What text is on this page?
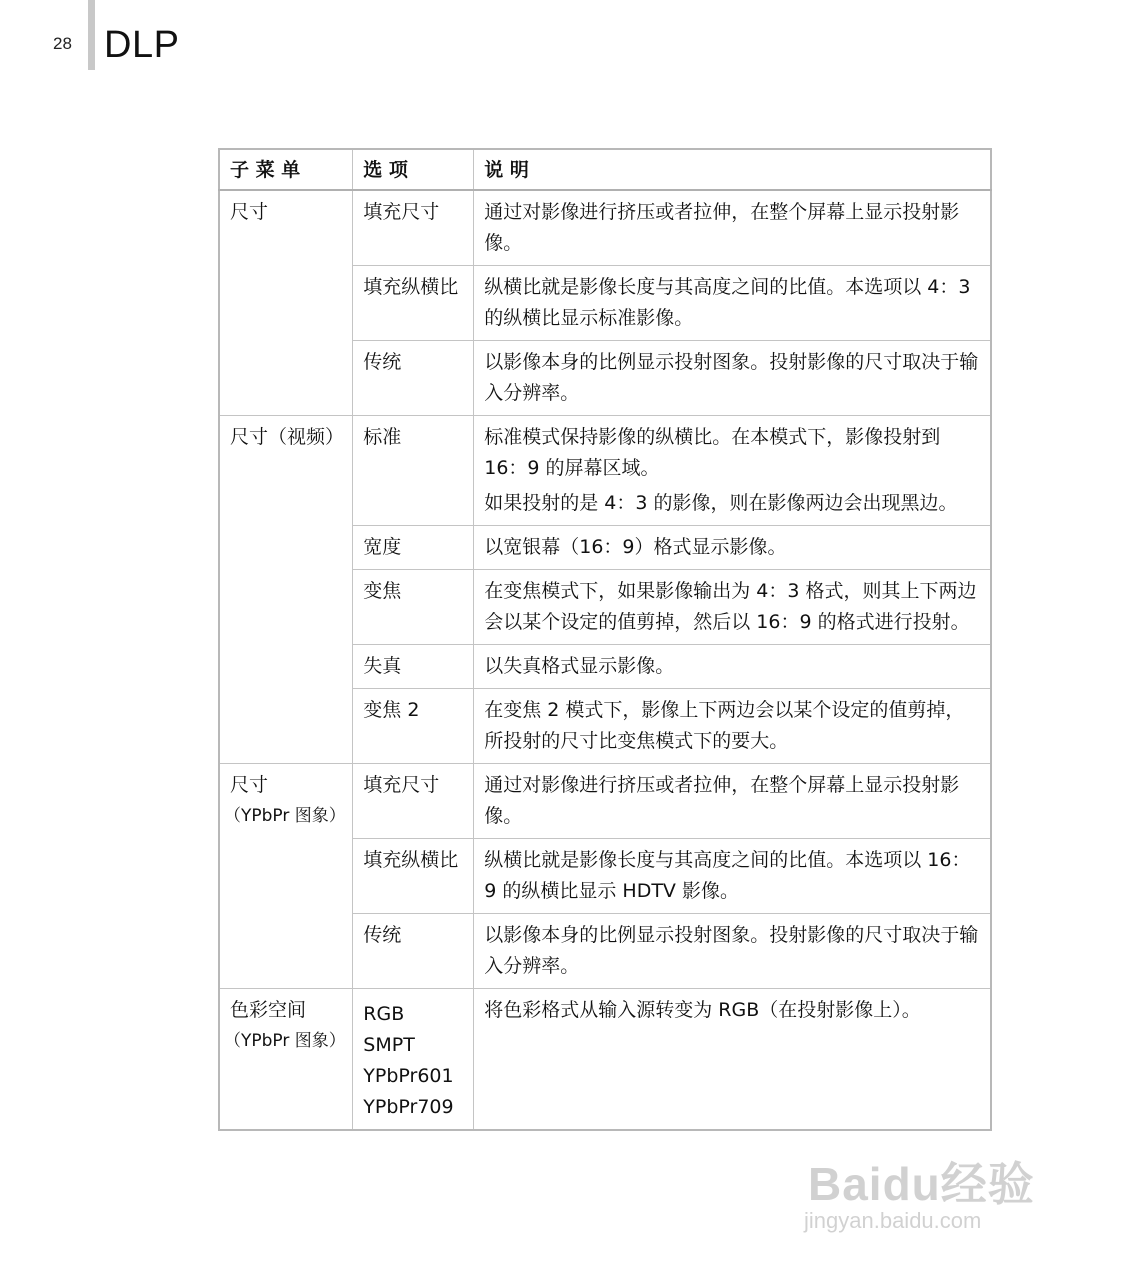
28 DLP
子 菜 单	选 项	说 明
尺寸	填充尺寸	通过对影像进行挤压或者拉伸，在整个屏幕上显示投射影像。
	填充纵横比	纵横比就是影像长度与其高度之间的比值。本选项以 4：3 的纵横比显示标准影像。
	传统	以影像本身的比例显示投射图象。投射影像的尺寸取决于输入分辨率。
尺寸（视频）	标准	标准模式保持影像的纵横比。在本模式下，影像投射到 16：9 的屏幕区域。
如果投射的是 4：3 的影像，则在影像两边会出现黑边。

	宽度	以宽银幕（16：9）格式显示影像。
	变焦	在变焦模式下，如果影像输出为 4：3 格式，则其上下两边会以某个设定的值剪掉，然后以 16：9 的格式进行投射。
	失真	以失真格式显示影像。
	变焦 2	在变焦 2 模式下，影像上下两边会以某个设定的值剪掉，所投射的尺寸比变焦模式下的要大。

尺寸
（YPbPr 图象）	填充尺寸	通过对影像进行挤压或者拉伸，在整个屏幕上显示投射影像。
	填充纵横比	纵横比就是影像长度与其高度之间的比值。本选项以 16：9 的纵横比显示 HDTV 影像。
	传统	以影像本身的比例显示投射图象。投射影像的尺寸取决于输入分辨率。

色彩空间
（YPbPr 图象）	RGB
SMPT
YPbPr601
YPbPr709	将色彩格式从输入源转变为 RGB（在投射影像上）。
Baidu经验
jingyan.baidu.com
